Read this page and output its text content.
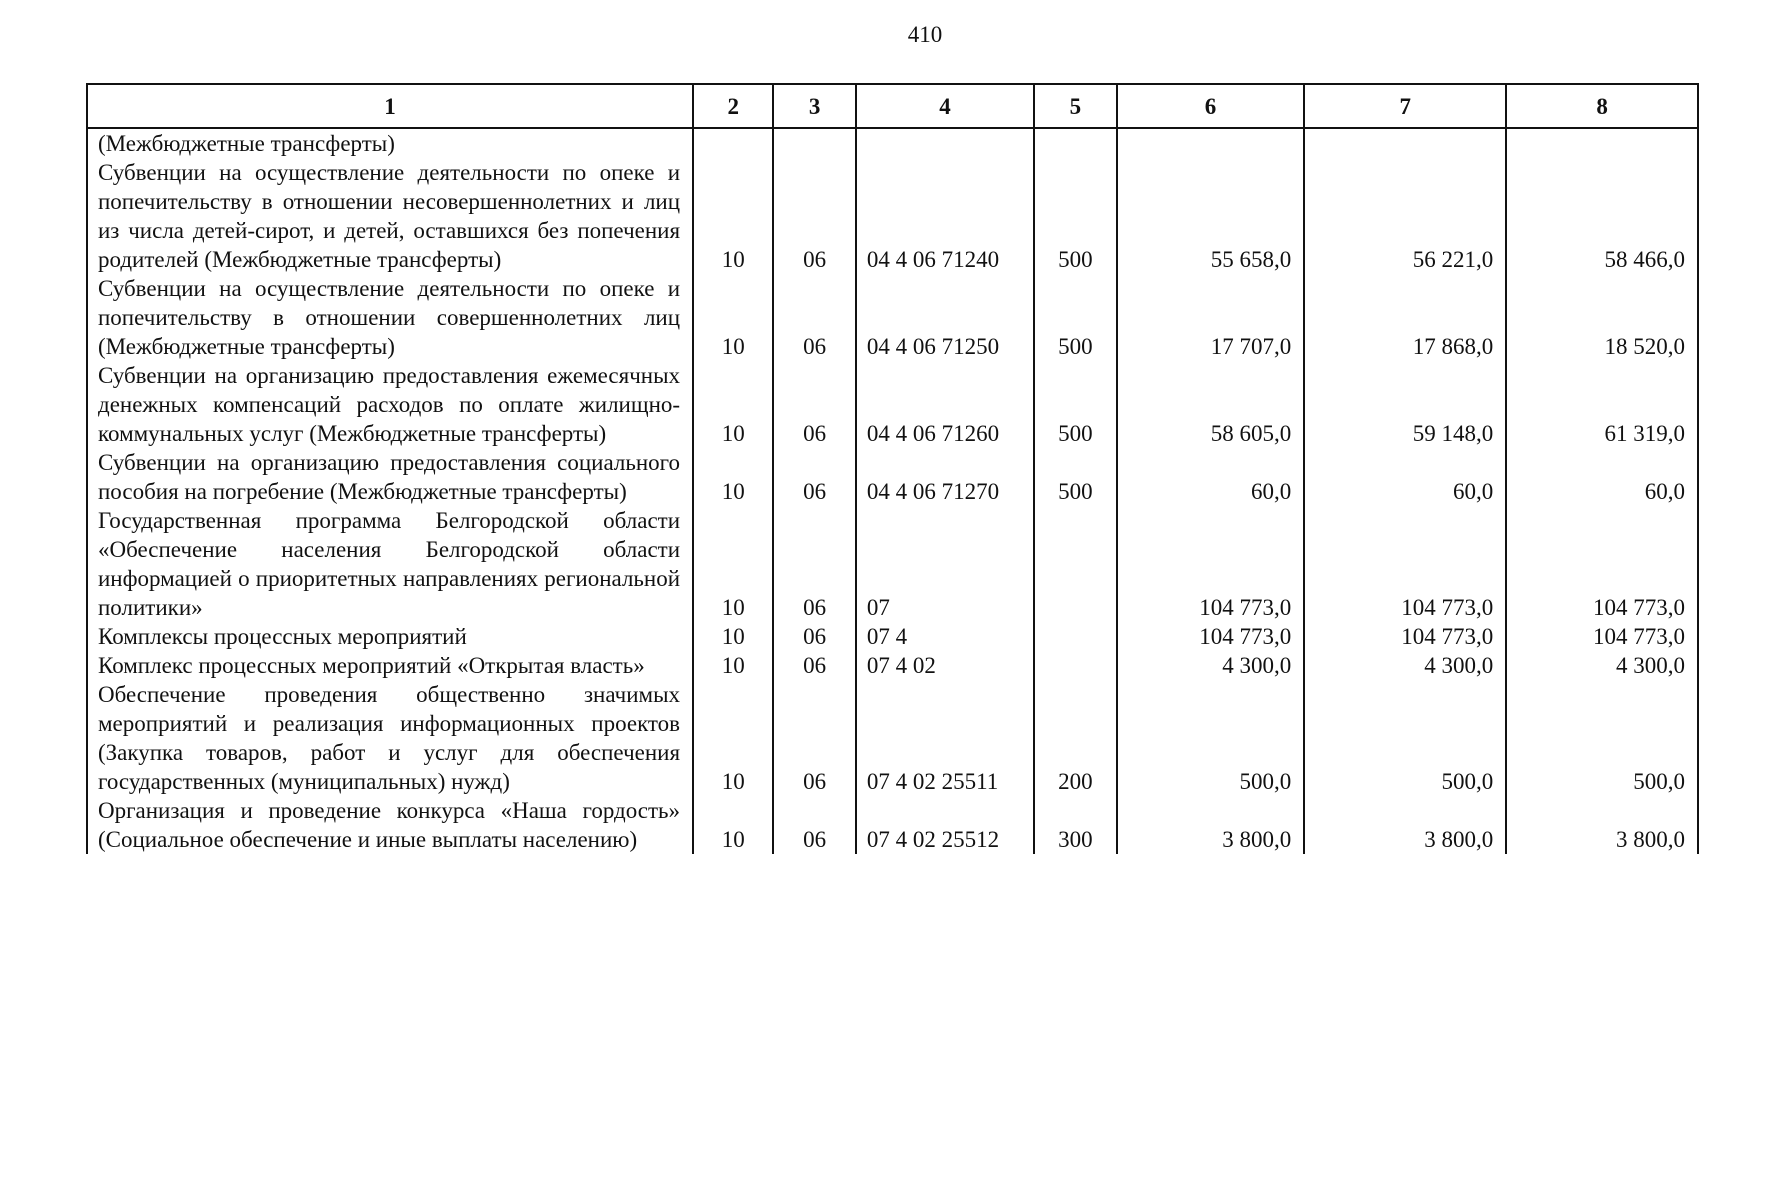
410
1	2	3	4	5	6	7	8
(Межбюджетные трансферты)							
Субвенции на осуществление деятельности по опеке и попечительству в отношении несовершеннолетних и лиц из числа детей-сирот, и детей, оставшихся без попечения родителей (Межбюджетные трансферты)	10	06	04 4 06 71240	500	55 658,0	56 221,0	58 466,0
Субвенции на осуществление деятельности по опеке и попечительству в отношении совершеннолетних лиц (Межбюджетные трансферты)	10	06	04 4 06 71250	500	17 707,0	17 868,0	18 520,0
Субвенции на организацию предоставления ежемесячных денежных компенсаций расходов по оплате жилищно-коммунальных услуг (Межбюджетные трансферты)	10	06	04 4 06 71260	500	58 605,0	59 148,0	61 319,0
Субвенции на организацию предоставления социального пособия на погребение (Межбюджетные трансферты)	10	06	04 4 06 71270	500	60,0	60,0	60,0
Государственная программа Белгородской области «Обеспечение населения Белгородской области информацией о приоритетных направлениях региональной политики»	10	06	07		104 773,0	104 773,0	104 773,0
Комплексы процессных мероприятий	10	06	07 4		104 773,0	104 773,0	104 773,0
Комплекс процессных мероприятий «Открытая власть»	10	06	07 4 02		4 300,0	4 300,0	4 300,0
Обеспечение проведения общественно значимых мероприятий и реализация информационных проектов (Закупка товаров, работ и услуг для обеспечения государственных (муниципальных) нужд)	10	06	07 4 02 25511	200	500,0	500,0	500,0
Организация и проведение конкурса «Наша гордость» (Социальное обеспечение и иные выплаты населению)	10	06	07 4 02 25512	300	3 800,0	3 800,0	3 800,0
